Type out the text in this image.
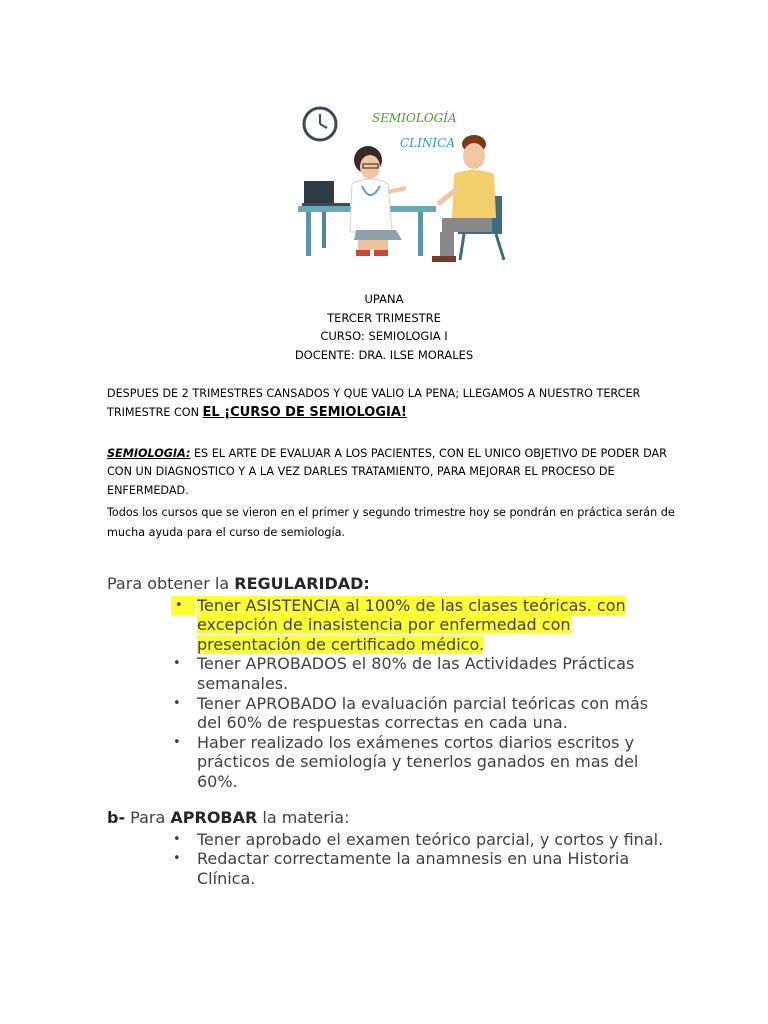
SEMIOLOGÍA
CLINICA
UPANA
TERCER TRIMESTRE
CURSO: SEMIOLOGIA I
DOCENTE: DRA. ILSE MORALES
DESPUES DE 2 TRIMESTRES CANSADOS Y QUE VALIO LA PENA; LLEGAMOS A NUESTRO TERCER TRIMESTRE CON EL ¡CURSO DE SEMIOLOGIA!
SEMIOLOGIA: ES EL ARTE DE EVALUAR A LOS PACIENTES, CON EL UNICO OBJETIVO DE PODER DAR CON UN DIAGNOSTICO Y A LA VEZ DARLES TRATAMIENTO, PARA MEJORAR EL PROCESO DE ENFERMEDAD.
Todos los cursos que se vieron en el primer y segundo trimestre hoy se pondrán en práctica serán de mucha ayuda para el curso de semiología.
Para obtener la REGULARIDAD:
• Tener ASISTENCIA al 100% de las clases teóricas. con excepción de inasistencia por enfermedad con presentación de certificado médico.
• Tener APROBADOS el 80% de las Actividades Prácticas semanales.
• Tener APROBADO la evaluación parcial teóricas con más del 60% de respuestas correctas en cada una.
• Haber realizado los exámenes cortos diarios escritos y prácticos de semiología y tenerlos ganados en mas del 60%.
b- Para APROBAR la materia:
• Tener aprobado el examen teórico parcial, y cortos y final.
• Redactar correctamente la anamnesis en una Historia Clínica.
